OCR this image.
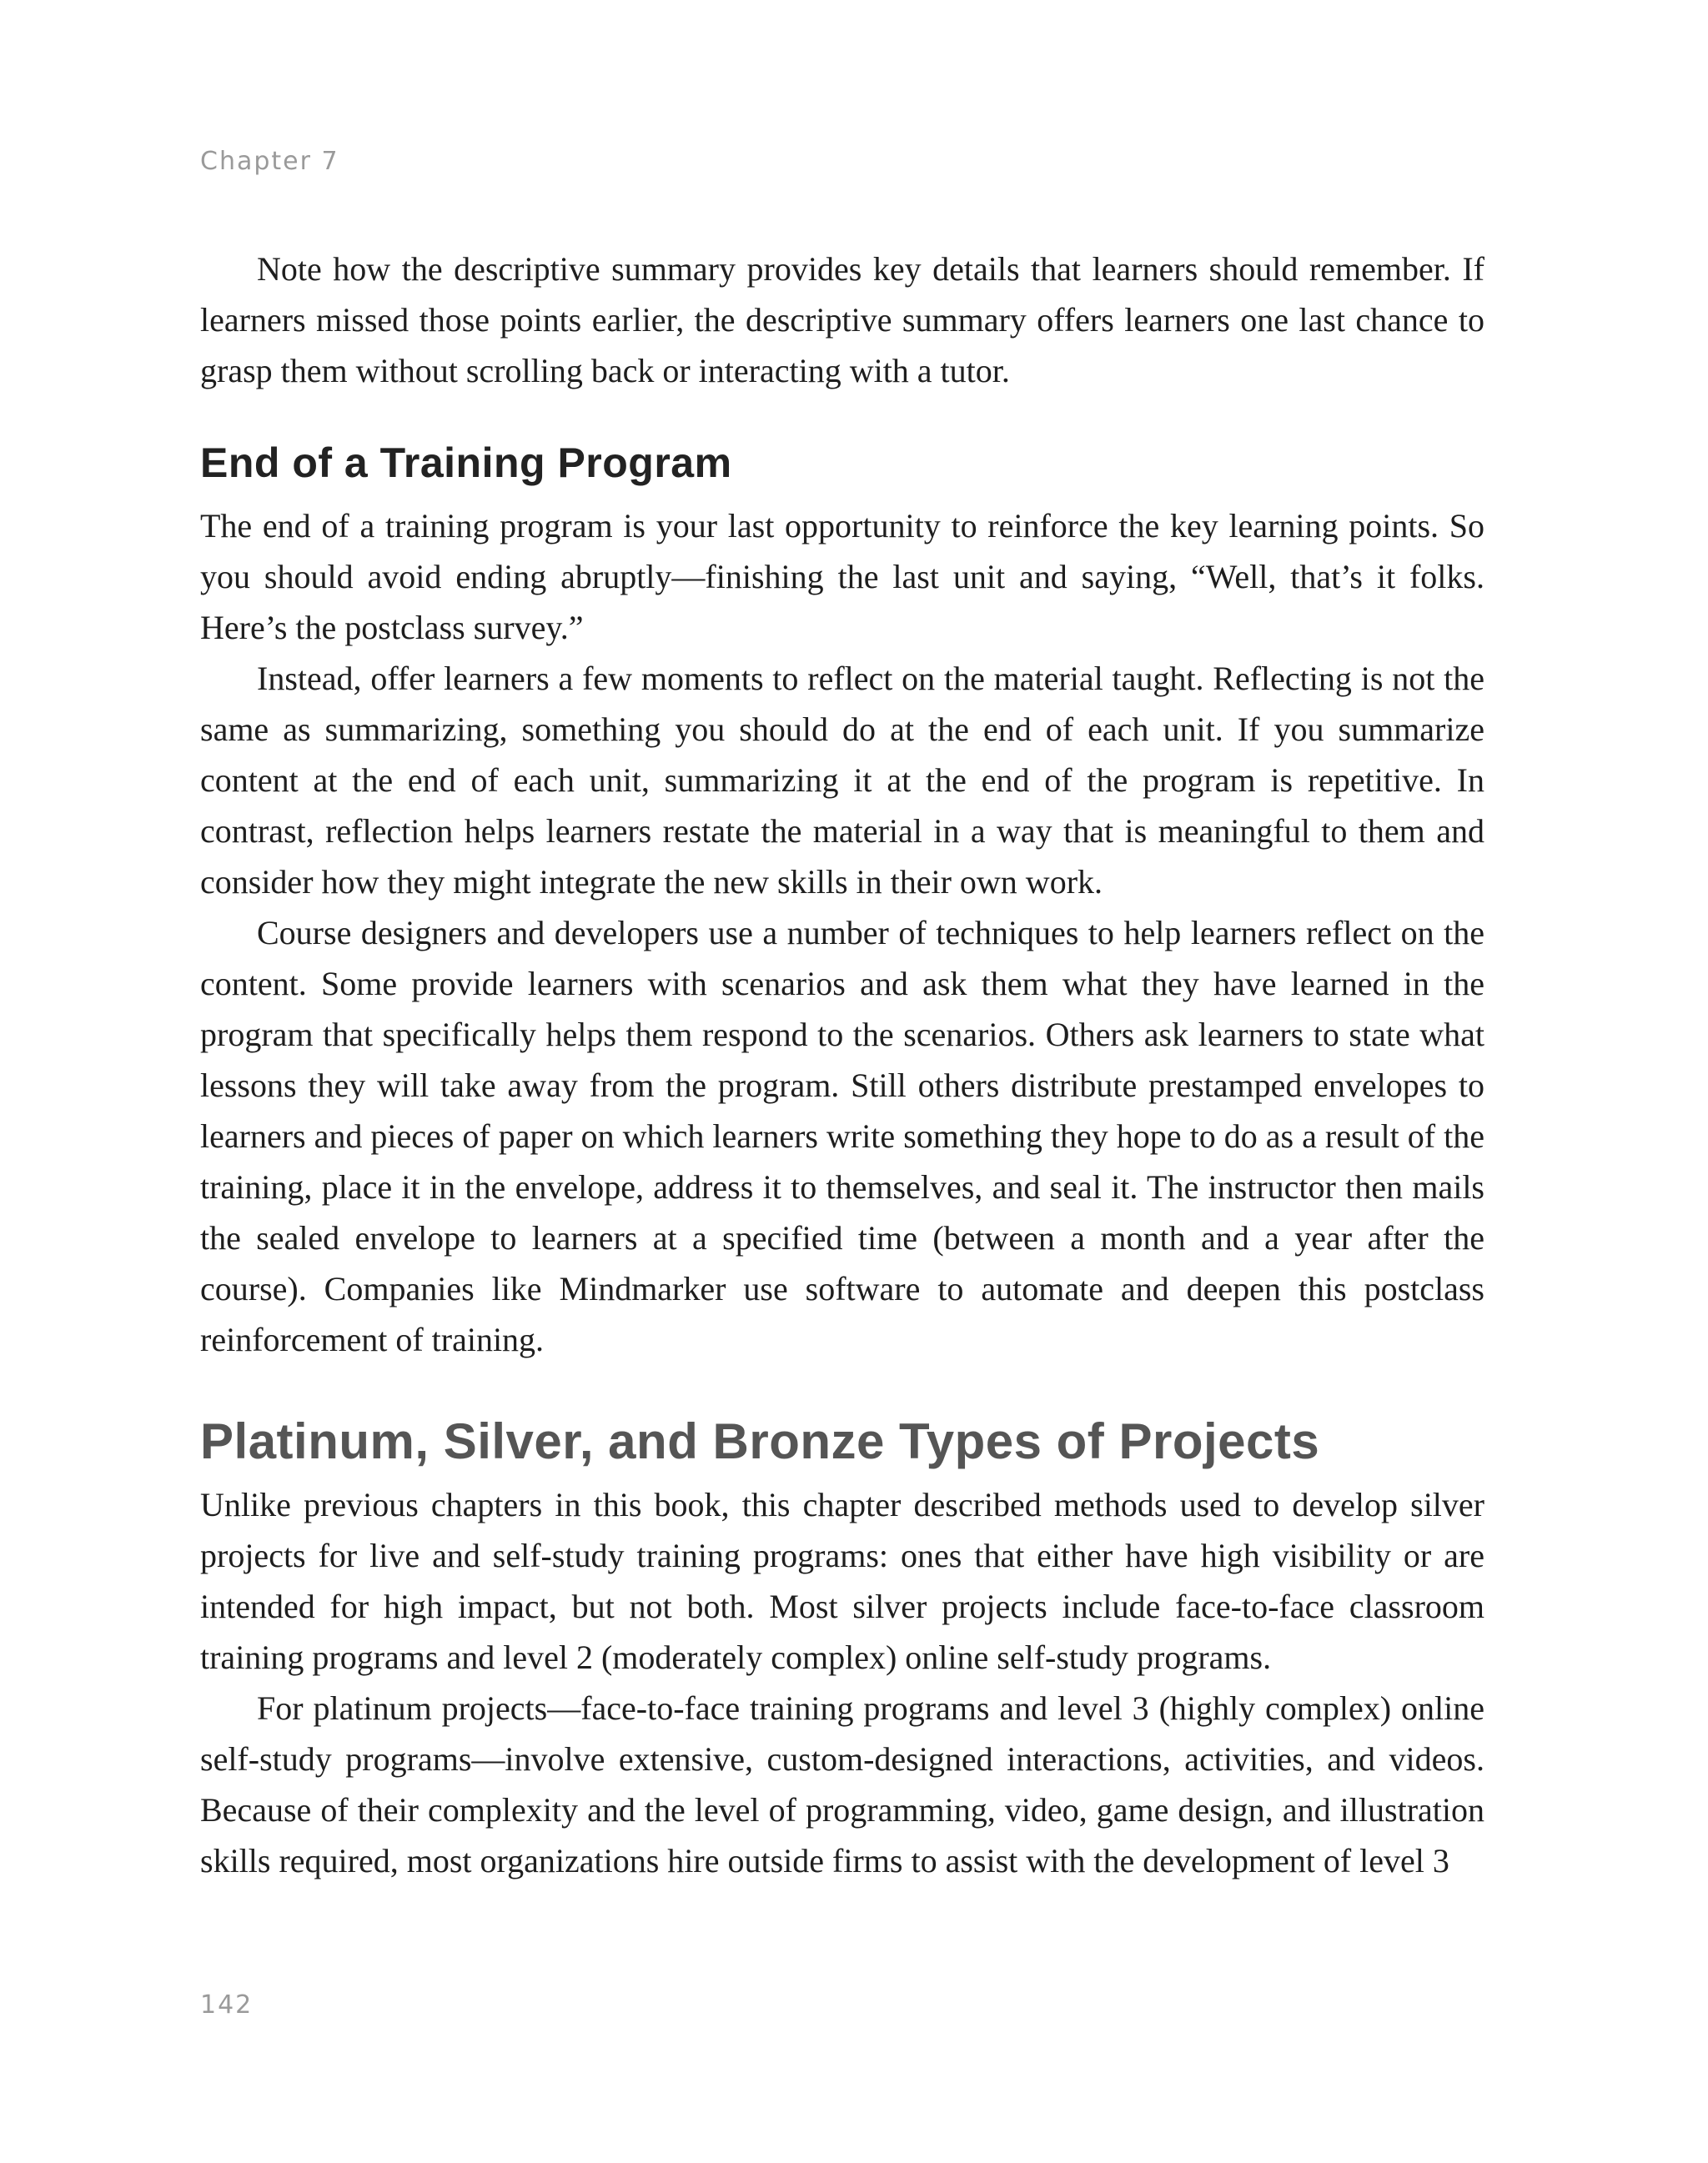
Chapter 7

Note how the descriptive summary provides key details that learners should remember. If learners missed those points earlier, the descriptive summary offers learners one last chance to grasp them without scrolling back or interacting with a tutor.

End of a Training Program

The end of a training program is your last opportunity to reinforce the key learning points. So you should avoid ending abruptly—finishing the last unit and saying, “Well, that’s it folks. Here’s the postclass survey.”

Instead, offer learners a few moments to reflect on the material taught. Reflecting is not the same as summarizing, something you should do at the end of each unit. If you summarize content at the end of each unit, summarizing it at the end of the program is repetitive. In contrast, reflection helps learners restate the material in a way that is meaningful to them and consider how they might integrate the new skills in their own work.

Course designers and developers use a number of techniques to help learners reflect on the content. Some provide learners with scenarios and ask them what they have learned in the program that specifically helps them respond to the scenarios. Others ask learners to state what lessons they will take away from the program. Still others distribute prestamped envelopes to learners and pieces of paper on which learners write something they hope to do as a result of the training, place it in the envelope, address it to themselves, and seal it. The instructor then mails the sealed envelope to learners at a specified time (between a month and a year after the course). Companies like Mindmarker use software to automate and deepen this postclass reinforcement of training.

Platinum, Silver, and Bronze Types of Projects

Unlike previous chapters in this book, this chapter described methods used to develop silver projects for live and self-study training programs: ones that either have high visibility or are intended for high impact, but not both. Most silver projects include face-to-face classroom training programs and level 2 (moderately complex) online self-study programs.

For platinum projects—face-to-face training programs and level 3 (highly complex) online self-study programs—involve extensive, custom-designed interactions, activities, and videos. Because of their complexity and the level of programming, video, game design, and illustration skills required, most organizations hire outside firms to assist with the development of level 3

142
